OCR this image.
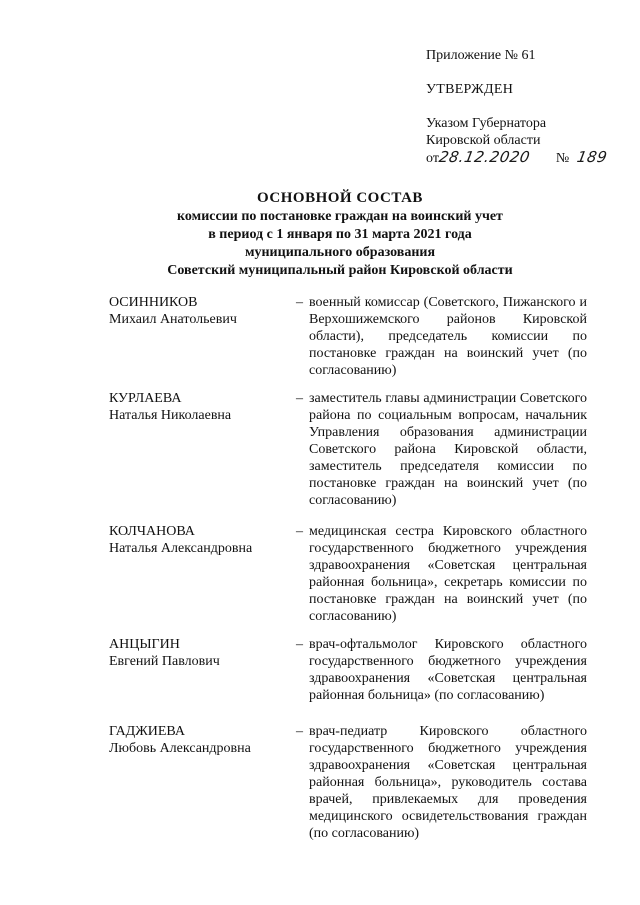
Приложение № 61
УТВЕРЖДЕН
Указом Губернатора
Кировской области
от28.12.2020 № 189
ОСНОВНОЙ СОСТАВ
комиссии по постановке граждан на воинский учет
в период с 1 января по 31 марта 2021 года
муниципального образования
Советский муниципальный район Кировской области
ОСИННИКОВ
Михаил Анатольевич
– военный комиссар (Советского, Пижанского и Верхошижемского районов Кировской области), председатель комиссии по постановке граждан на воинский учет (по согласованию)
КУРЛАЕВА
Наталья Николаевна
– заместитель главы администрации Советского района по социальным вопросам, начальник Управления образования администрации Советского района Кировской области, заместитель председателя комиссии по постановке граждан на воинский учет (по согласованию)
КОЛЧАНОВА
Наталья Александровна
– медицинская сестра Кировского областного государственного бюджетного учреждения здравоохранения «Советская центральная районная больница», секретарь комиссии по постановке граждан на воинский учет (по согласованию)
АНЦЫГИН
Евгений Павлович
– врач-офтальмолог Кировского областного государственного бюджетного учреждения здравоохранения «Советская центральная районная больница» (по согласованию)
ГАДЖИЕВА
Любовь Александровна
– врач-педиатр Кировского областного государственного бюджетного учреждения здравоохранения «Советская центральная районная больница», руководитель состава врачей, привлекаемых для проведения медицинского освидетельствования граждан (по согласованию)
